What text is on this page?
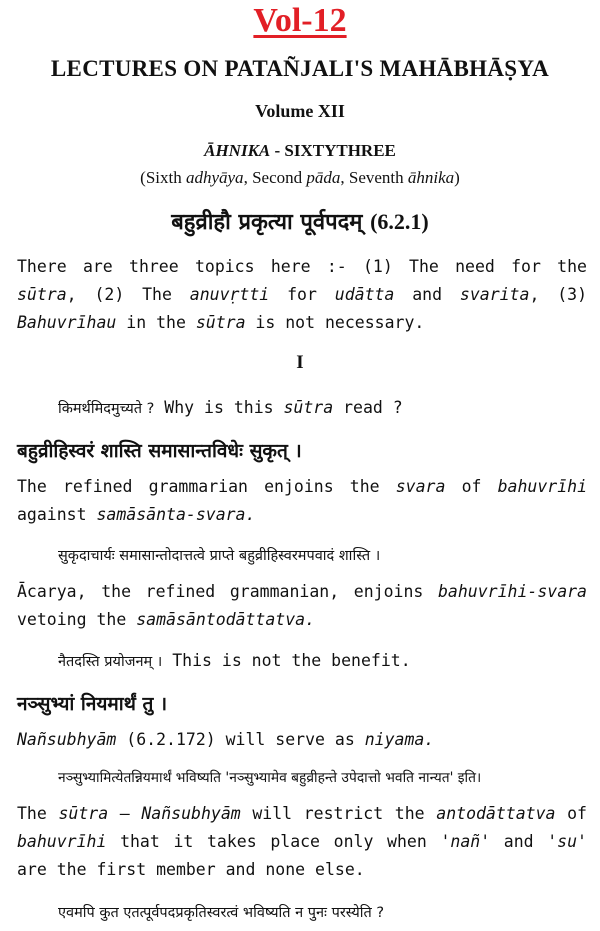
Vol-12
LECTURES ON PATAÑJALI'S MAHĀBHĀṢYA
Volume XII
ĀHNIKA - SIXTYTHREE
(Sixth adhyāya, Second pāda, Seventh āhnika)
बहुव्रीहौ प्रकृत्या पूर्वपदम् (6.2.1)
There are three topics here :- (1) The need for the sūtra, (2) The anuvṛtti for udātta and svarita, (3) Bahuvrīhau in the sūtra is not necessary.
I
किमर्थमिदमुच्यते ? Why is this sūtra read ?
बहुव्रीहिस्वरं शास्ति समासान्तविधेः सुकृत् ।
The refined grammarian enjoins the svara of bahuvrīhi against samāsānta-svara.
सुकृदाचार्यः समासान्तोदात्तत्वे प्राप्ते बहुव्रीहिस्वरमपवादं शास्ति ।
Ācarya, the refined grammanian, enjoins bahuvrīhi-svara vetoing the samāsāntodāttatva.
नैतदस्ति प्रयोजनम् । This is not the benefit.
नञ्सुभ्यां नियमार्थं तु ।
Nañsubhyām (6.2.172) will serve as niyama.
नञ्सुभ्यामित्येतन्नियमार्थं भविष्यति 'नञ्सुभ्यामेव बहुव्रीहन्ते उपेदात्तो भवति नान्यत' इति।
The sūtra – Nañsubhyām will restrict the antodāttatva of bahuvrīhi that it takes place only when 'nañ' and 'su' are the first member and none else.
एवमपि कुत एतत्पूर्वपदप्रकृतिस्वरत्वं भविष्यति न पुनः परस्येति ?
